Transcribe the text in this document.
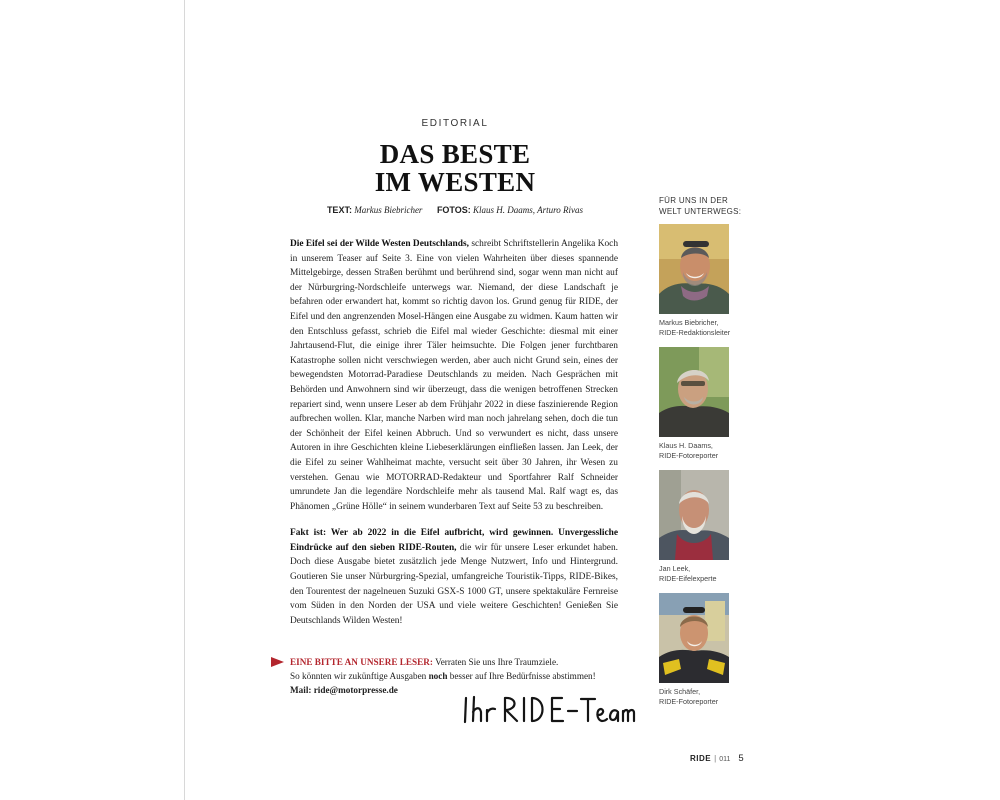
EDITORIAL
DAS BESTE
IM WESTEN
TEXT: Markus Biebricher FOTOS: Klaus H. Daams, Arturo Rivas

Die Eifel sei der Wilde Westen Deutschlands, schreibt Schriftstellerin Angelika Koch in unserem Teaser auf Seite 3. Eine von vielen Wahrheiten über dieses spannende Mittelgebirge, dessen Straßen berühmt und berührend sind, sogar wenn man nicht auf der Nürburgring-Nordschleife unterwegs war. Niemand, der diese Landschaft je befahren oder erwandert hat, kommt so richtig davon los. Grund genug für RIDE, der Eifel und den angrenzenden Mosel-Hängen eine Ausgabe zu widmen. Kaum hatten wir den Entschluss gefasst, schrieb die Eifel mal wieder Geschichte: diesmal mit einer Jahrtausend-Flut, die einige ihrer Täler heimsuchte. Die Folgen jener furchtbaren Katastrophe sollen nicht verschwiegen werden, aber auch nicht Grund sein, eines der bewegendsten Motorrad-Paradiese Deutschlands zu meiden. Nach Gesprächen mit Behörden und Anwohnern sind wir überzeugt, dass die wenigen betroffenen Strecken repariert sind, wenn unsere Leser ab dem Frühjahr 2022 in diese faszinierende Region aufbrechen wollen. Klar, manche Narben wird man noch jahrelang sehen, doch die tun der Schönheit der Eifel keinen Abbruch. Und so verwundert es nicht, dass unsere Autoren in ihre Geschichten kleine Liebeserklärungen einfließen lassen. Jan Leek, der die Eifel zu seiner Wahlheimat machte, versucht seit über 30 Jahren, ihr Wesen zu verstehen. Genau wie MOTORRAD-Redakteur und Sportfahrer Ralf Schneider umrundete Jan die legendäre Nordschleife mehr als tausend Mal. Ralf wagt es, das Phänomen „Grüne Hölle“ in seinem wunderbaren Text auf Seite 53 zu beschreiben.

Fakt ist: Wer ab 2022 in die Eifel aufbricht, wird gewinnen. Unvergessliche Eindrücke auf den sieben RIDE-Routen, die wir für unsere Leser erkundet haben. Doch diese Ausgabe bietet zusätzlich jede Menge Nutzwert, Info und Hintergrund. Goutieren Sie unser Nürburgring-Spezial, umfangreiche Touristik-Tipps, RIDE-Bikes, den Tourentest der nagelneuen Suzuki GSX-S 1000 GT, unsere spektakuläre Fernreise vom Süden in den Norden der USA und viele weitere Geschichten! Genießen Sie Deutschlands Wilden Westen!

EINE BITTE AN UNSERE LESER: Verraten Sie uns Ihre Traumziele.
So könnten wir zukünftige Ausgaben noch besser auf Ihre Bedürfnisse abstimmen!
Mail: ride@motorpresse.de
FÜR UNS IN DER
WELT UNTERWEGS:
Markus Biebricher,
RIDE-Redaktionsleiter
Klaus H. Daams,
RIDE-Fotoreporter
Jan Leek,
RIDE-Eifelexperte
Dirk Schäfer,
RIDE-Fotoreporter
RIDE | 011 5
